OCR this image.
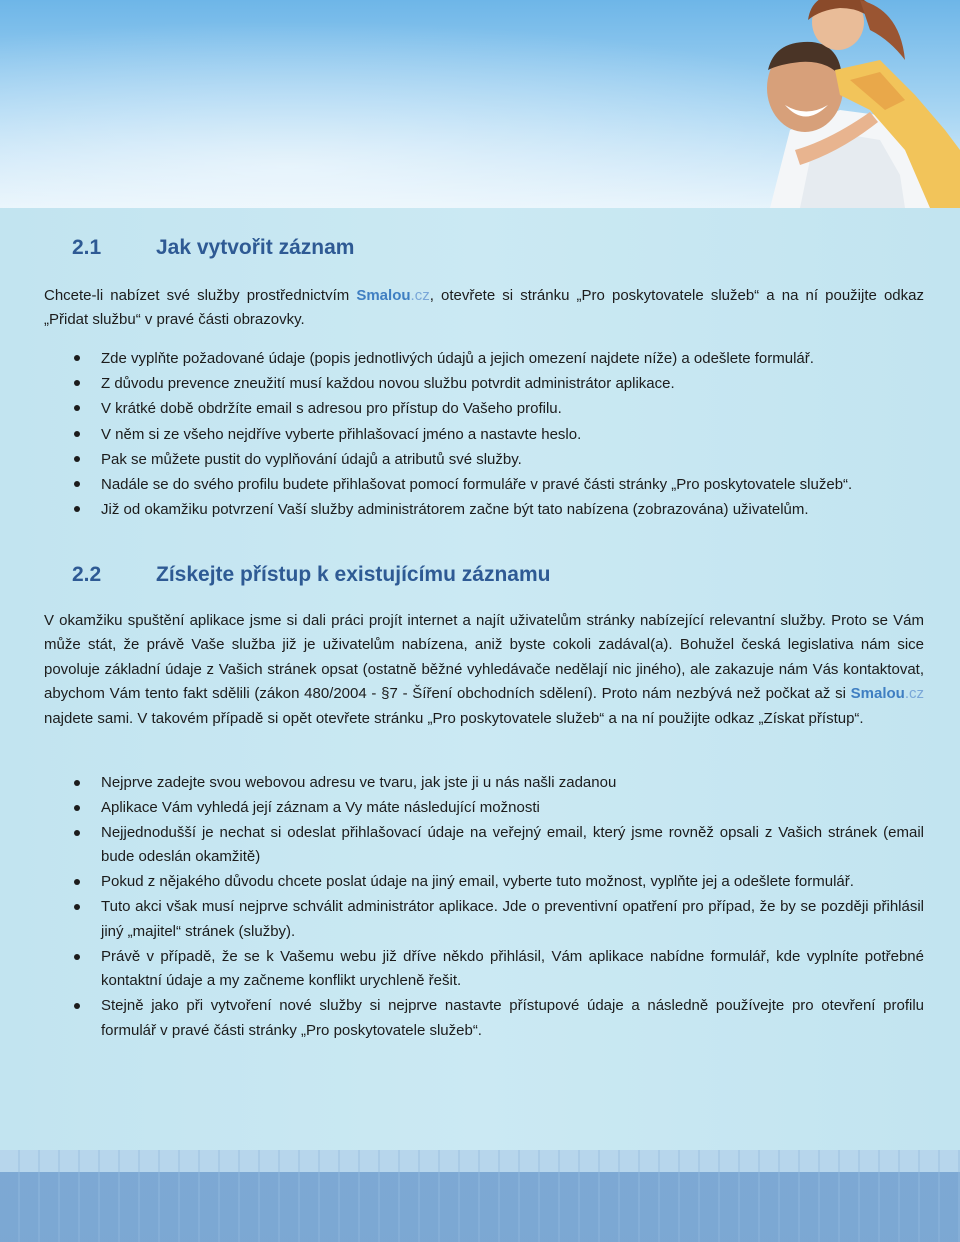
2.1	Jak vytvořit záznam

Chcete-li nabízet své služby prostřednictvím Smalou.cz, otevřete si stránku „Pro poskytovatele služeb“ a na ní použijte odkaz „Přidat službu“ v pravé části obrazovky.

Zde vyplňte požadované údaje (popis jednotlivých údajů a jejich omezení najdete níže) a odešlete formulář.
Z důvodu prevence zneužití musí každou novou službu potvrdit administrátor aplikace.
V krátké době obdržíte email s adresou pro přístup do Vašeho profilu.
V něm si ze všeho nejdříve vyberte přihlašovací jméno a nastavte heslo.
Pak se můžete pustit do vyplňování údajů a atributů své služby.
Nadále se do svého profilu budete přihlašovat pomocí formuláře v pravé části stránky „Pro poskytovatele služeb“.
Již od okamžiku potvrzení Vaší služby administrátorem začne být tato nabízena (zobrazována) uživatelům.
2.2	Získejte přístup k existujícímu záznamu

V okamžiku spuštění aplikace jsme si dali práci projít internet a najít uživatelům stránky nabízející relevantní služby. Proto se Vám může stát, že právě Vaše služba již je uživatelům nabízena, aniž byste cokoli zadával(a). Bohužel česká legislativa nám sice povoluje základní údaje z Vašich stránek opsat (ostatně běžné vyhledávače nedělají nic jiného), ale zakazuje nám Vás kontaktovat, abychom Vám tento fakt sdělili (zákon 480/2004 - §7 - Šíření obchodních sdělení). Proto nám nezbývá než počkat až si Smalou.cz najdete sami. V takovém případě si opět otevřete stránku „Pro poskytovatele služeb“ a na ní použijte odkaz „Získat přístup“.

Nejprve zadejte svou webovou adresu ve tvaru, jak jste ji u nás našli zadanou
Aplikace Vám vyhledá její záznam a Vy máte následující možnosti
Nejjednodušší je nechat si odeslat přihlašovací údaje na veřejný email, který jsme rovněž opsali z Vašich stránek (email bude odeslán okamžitě)
Pokud z nějakého důvodu chcete poslat údaje na jiný email, vyberte tuto možnost, vyplňte jej a odešlete formulář.
Tuto akci však musí nejprve schválit administrátor aplikace. Jde o preventivní opatření pro případ, že by se později přihlásil jiný „majitel“ stránek (služby).
Právě v případě, že se k Vašemu webu již dříve někdo přihlásil, Vám aplikace nabídne formulář, kde vyplníte potřebné kontaktní údaje a my začneme konflikt urychleně řešit.
Stejně jako při vytvoření nové služby si nejprve nastavte přístupové údaje a následně používejte pro otevření profilu formulář v pravé části stránky „Pro poskytovatele služeb“.
